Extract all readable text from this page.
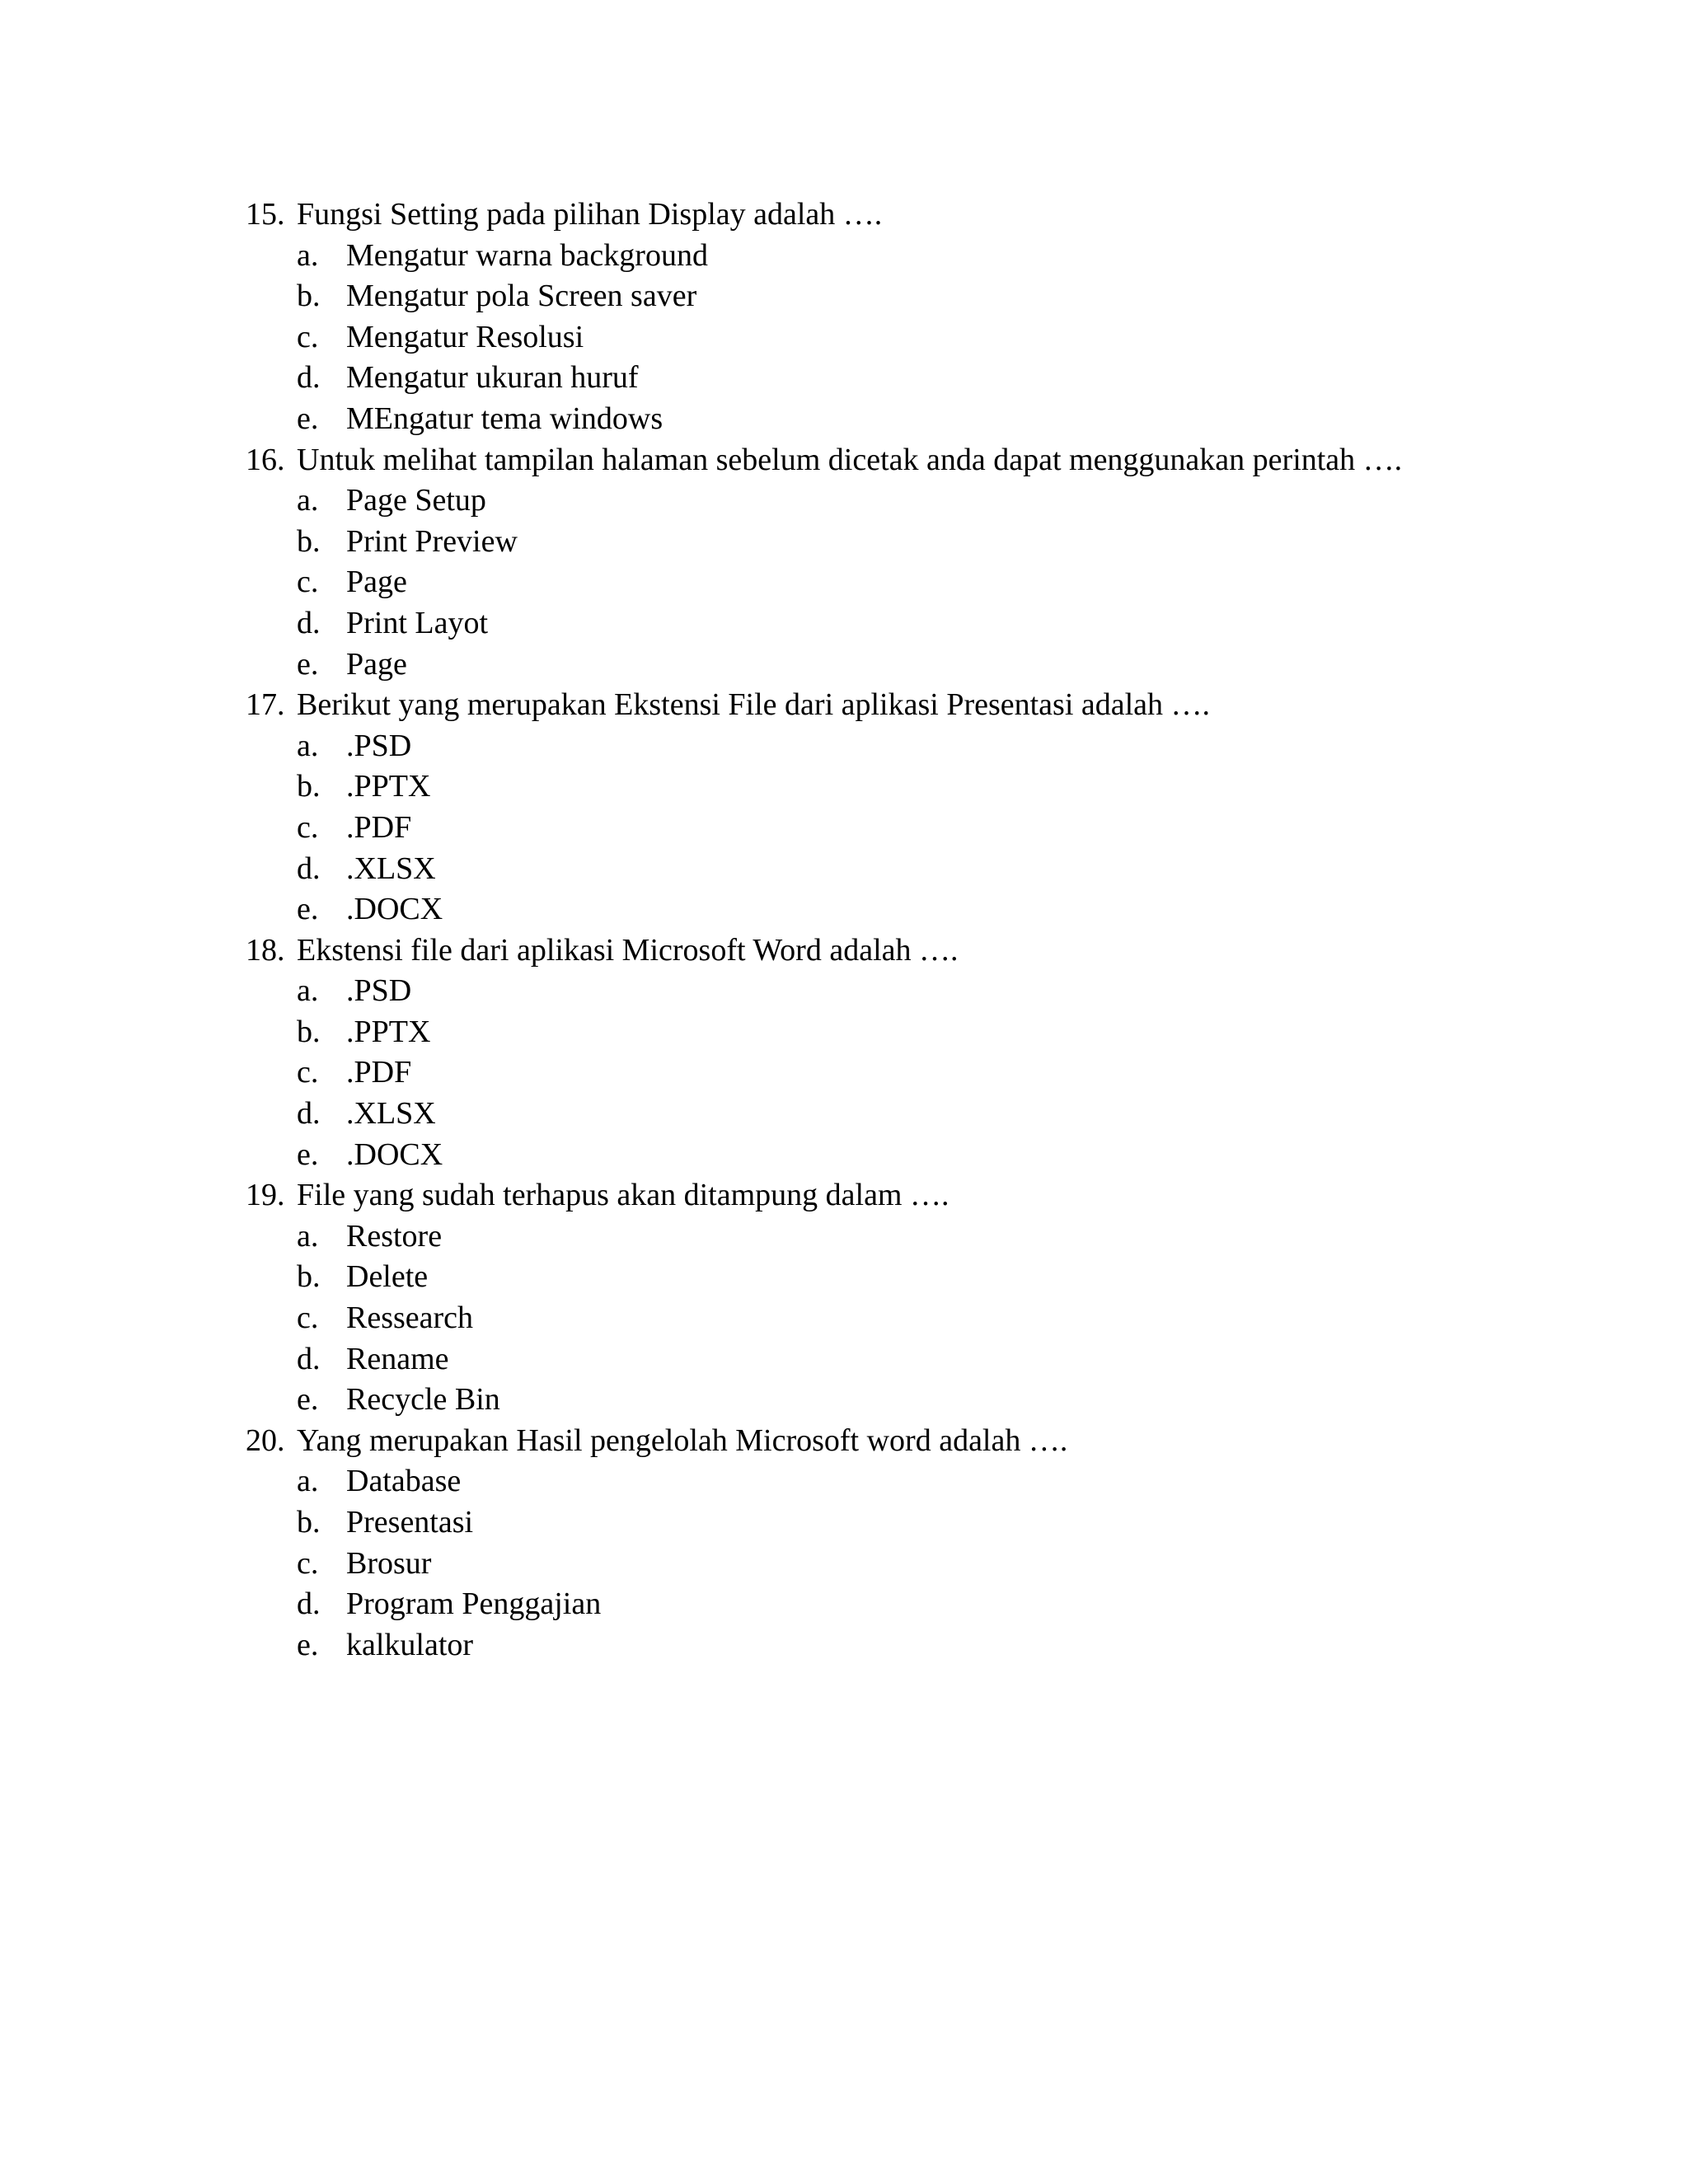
15. Fungsi Setting pada pilihan Display adalah ….
a. Mengatur warna background
b. Mengatur pola Screen saver
c. Mengatur Resolusi
d. Mengatur ukuran huruf
e. MEngatur tema windows
16. Untuk melihat tampilan halaman sebelum dicetak anda dapat menggunakan perintah ….
a. Page Setup
b. Print Preview
c. Page
d. Print Layot
e. Page
17. Berikut yang merupakan Ekstensi File dari aplikasi Presentasi adalah ….
a. .PSD
b. .PPTX
c. .PDF
d. .XLSX
e. .DOCX
18. Ekstensi file dari aplikasi Microsoft Word adalah ….
a. .PSD
b. .PPTX
c. .PDF
d. .XLSX
e. .DOCX
19. File yang sudah terhapus akan ditampung dalam ….
a. Restore
b. Delete
c. Ressearch
d. Rename
e. Recycle Bin
20. Yang merupakan Hasil pengelolah Microsoft word adalah ….
a. Database
b. Presentasi
c. Brosur
d. Program Penggajian
e. kalkulator
